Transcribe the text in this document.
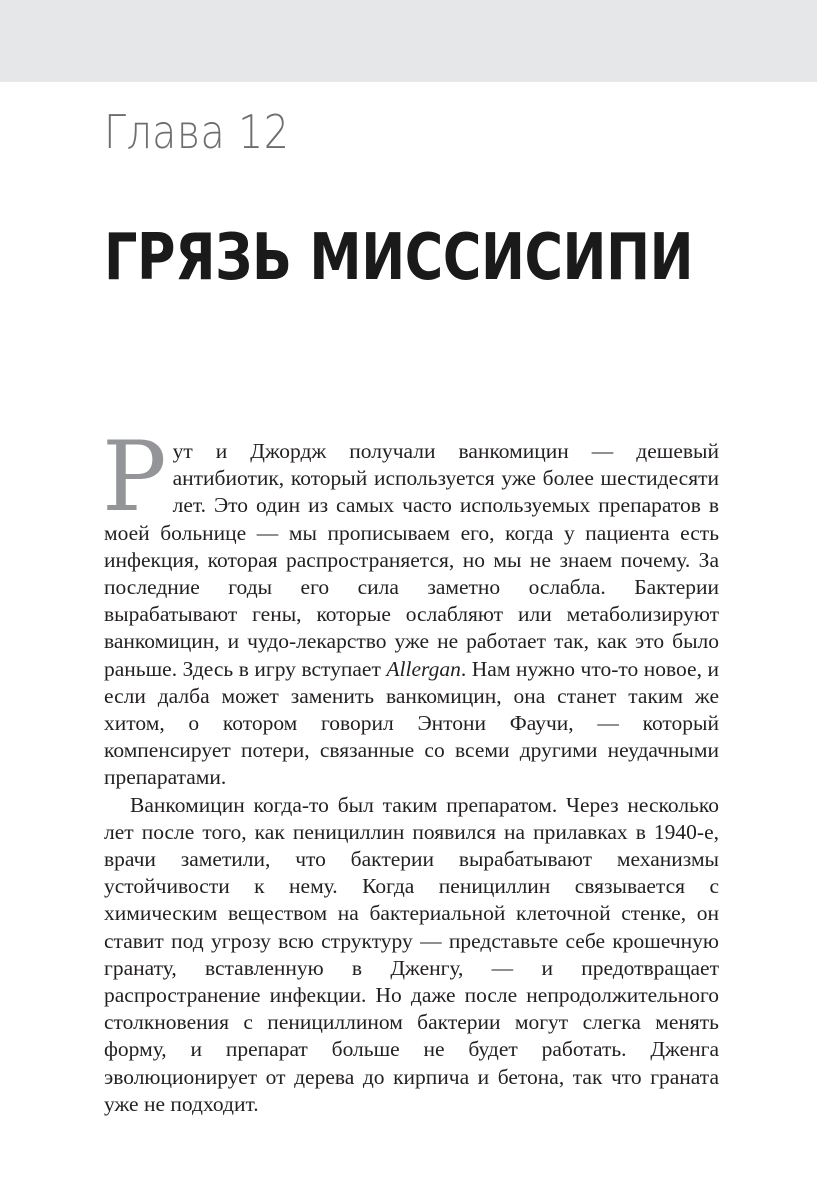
Глава 12
ГРЯЗЬ МИССИСИПИ

Рут и Джордж получали ванкомицин — дешевый антибиотик, который используется уже более шестидесяти лет. Это один из самых часто используемых препаратов в моей больнице — мы прописываем его, когда у пациента есть инфекция, которая распространяется, но мы не знаем почему. За последние годы его сила заметно ослабла. Бактерии вырабатывают гены, которые ослабляют или метаболизируют ванкомицин, и чудо-лекарство уже не работает так, как это было раньше. Здесь в игру вступает Allergan. Нам нужно что-то новое, и если далба может заменить ванкомицин, она станет таким же хитом, о котором говорил Энтони Фаучи, — который компенсирует потери, связанные со всеми другими неудачными препаратами.

Ванкомицин когда-то был таким препаратом. Через несколько лет после того, как пенициллин появился на прилавках в 1940-е, врачи заметили, что бактерии вырабатывают механизмы устойчивости к нему. Когда пенициллин связывается с химическим веществом на бактериальной клеточной стенке, он ставит под угрозу всю структуру — представьте себе крошечную гранату, вставленную в Дженгу, — и предотвращает распространение инфекции. Но даже после непродолжительного столкновения с пенициллином бактерии могут слегка менять форму, и препарат больше не будет работать. Дженга эволюционирует от дерева до кирпича и бетона, так что граната уже не подходит.
